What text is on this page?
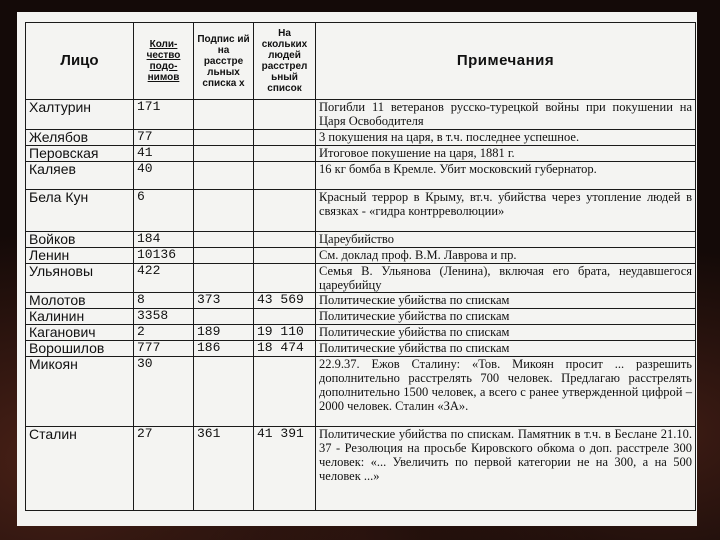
Лицо	Коли-чество подо-нимов	Подпис ий на расстре льных списка х	На скольких людей расстрел ьный список	Примечания
Халтурин	171			Погибли 11 ветеранов русско-турецкой войны при покушении на Царя Освободителя
Желябов	77			3 покушения на царя, в т.ч. последнее успешное.
Перовская	41			Итоговое покушение на царя, 1881 г.
Каляев	40			16 кг бомба в Кремле. Убит московский губернатор.
Бела Кун	6			Красный террор в Крыму, вт.ч. убийства через утопление людей в связках - «гидра контрреволюции»
Войков	184			Цареубийство
Ленин	10136			См. доклад проф. В.М. Лаврова и пр.
Ульяновы	422			Семья В. Ульянова (Ленина), включая его брата, неудавшегося цареубийцу
Молотов	8	373	43 569	Политические убийства по спискам
Калинин	3358			Политические убийства по спискам
Каганович	2	189	19 110	Политические убийства по спискам
Ворошилов	777	186	18 474	Политические убийства по спискам
Микоян	30			22.9.37. Ежов Сталину: «Тов. Микоян просит ... разрешить дополнительно расстрелять 700 человек. Предлагаю расстрелять дополнительно 1500 человек, а всего с ранее утвержденной цифрой – 2000 человек. Сталин «ЗА».
Сталин	27	361	41 391	Политические убийства по спискам. Памятник в т.ч. в Беслане 21.10. 37 - Резолюция на просьбе Кировского обкома о доп. расстреле 300 человек: «... Увеличить по первой категории не на 300, а на 500 человек ...»
